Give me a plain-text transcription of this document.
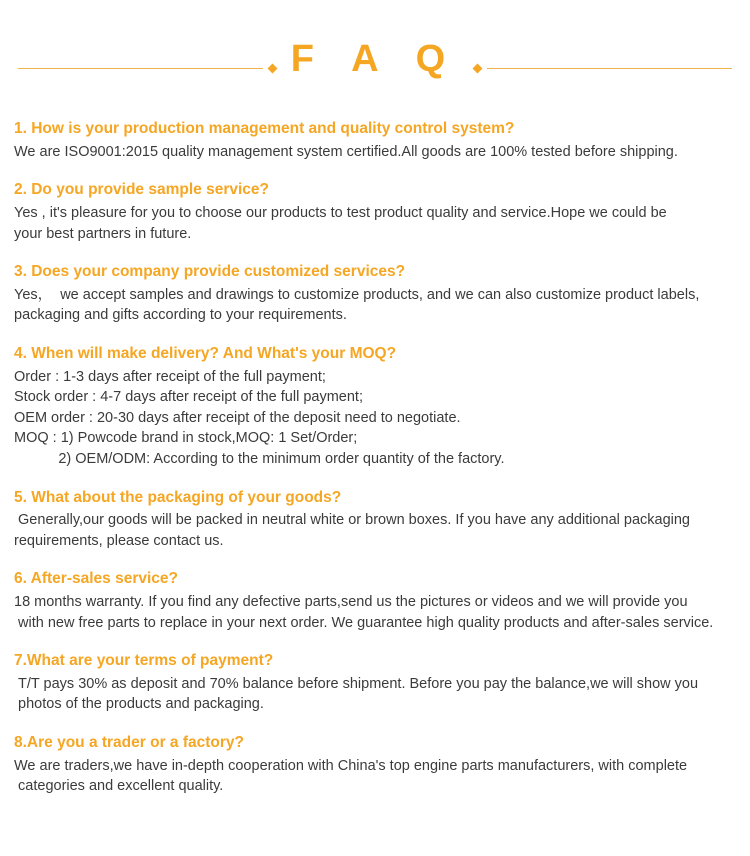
F A Q
1. How is your production management and quality control system?
We are ISO9001:2015 quality management system certified.All goods are 100% tested before shipping.
2. Do you provide sample service?
Yes , it's pleasure for you to choose our products to test product quality and service.Hope we could be
your best partners in future.
3. Does your company provide customized services?
Yes，  we accept samples and drawings to customize products, and we can also customize product labels,
packaging and gifts according to your requirements.
4. When will make delivery? And What's your MOQ?
Order : 1-3 days after receipt of the full payment;
Stock order : 4-7 days after receipt of the full payment;
OEM order : 20-30 days after receipt of the deposit need to negotiate.
MOQ : 1) Powcode brand in stock,MOQ: 1 Set/Order;
2) OEM/ODM: According to the minimum order quantity of the factory.
5. What about the packaging of your goods?
Generally,our goods will be packed in neutral white or brown boxes. If you have any additional packaging
requirements, please contact us.
6. After-sales service?
18 months warranty. If you find any defective parts,send us the pictures or videos and we will provide you
with new free parts to replace in your next order. We guarantee high quality products and after-sales service.
7.What are your terms of payment?
T/T pays 30% as deposit and 70% balance before shipment. Before you pay the balance,we will show you
photos of the products and packaging.
8.Are you a trader or a factory?
We are traders,we have in-depth cooperation with China's top engine parts manufacturers, with complete
categories and excellent quality.
